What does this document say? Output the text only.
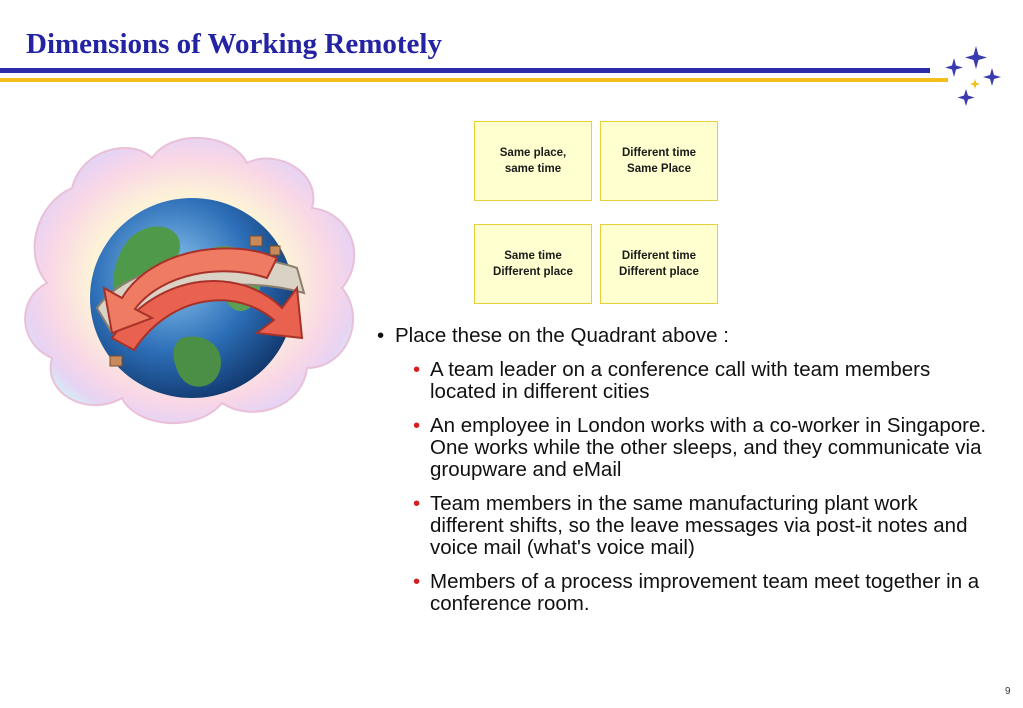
Dimensions of Working Remotely
Same place,
same time
Different time
Same Place
Same time
Different place
Different time
Different place
• Place these on the Quadrant above :
• A team leader on a conference call with team members located in different cities
• An employee in London works with a co-worker in Singapore. One works while the other sleeps, and they communicate via groupware and eMail
• Team members in the same manufacturing plant work different shifts, so the leave messages via post-it notes and voice mail (what's voice mail)
• Members of a process improvement team meet together in a conference room.
9
